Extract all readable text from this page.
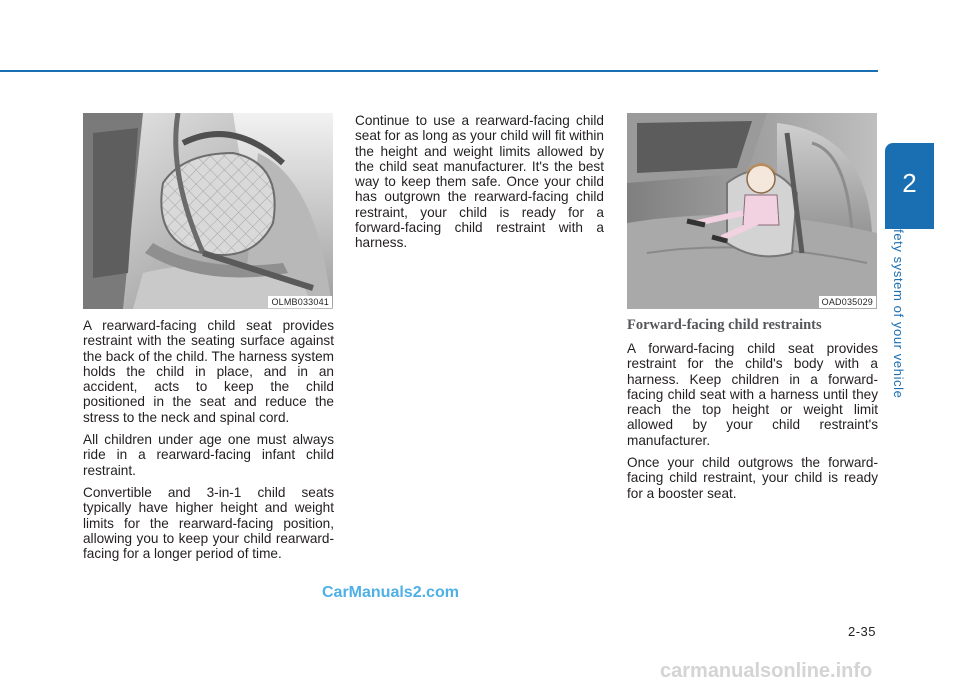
OLMB033041	OAD035029

A rearward-facing child seat provides restraint with the seating surface against the back of the child. The harness system holds the child in place, and in an accident, acts to keep the child positioned in the seat and reduce the stress to the neck and spinal cord.

All children under age one must always ride in a rearward-facing infant child restraint.

Convertible and 3-in-1 child seats typically have higher height and weight limits for the rearward-facing position, allowing you to keep your child rearward-facing for a longer period of time.

Continue to use a rearward-facing child seat for as long as your child will fit within the height and weight limits allowed by the child seat manufacturer. It's the best way to keep them safe. Once your child has outgrown the rearward-facing child restraint, your child is ready for a forward-facing child restraint with a harness.

Forward-facing child restraints

A forward-facing child seat provides restraint for the child's body with a harness. Keep children in a forward-facing child seat with a harness until they reach the top height or weight limit allowed by your child restraint's manufacturer.

Once your child outgrows the forward-facing child restraint, your child is ready for a booster seat.

2
Safety system of your vehicle
2-35
CarManuals2.com
carmanualsonline.info
